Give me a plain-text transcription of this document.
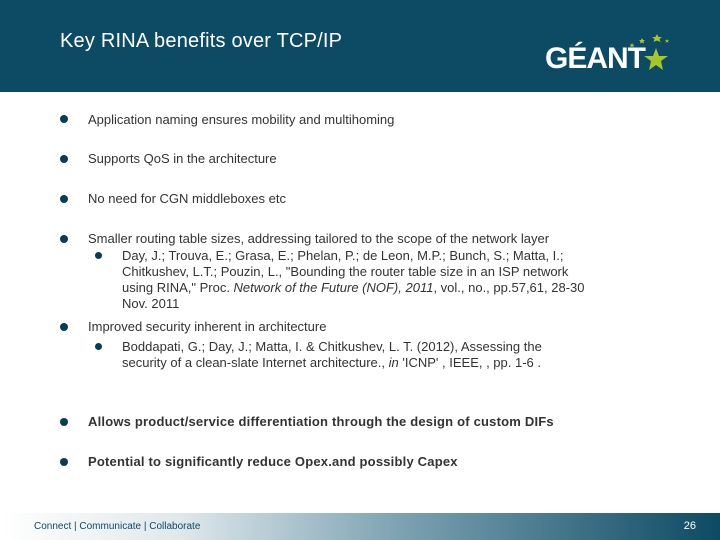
Key RINA benefits over TCP/IP
GÉANT
Application naming ensures mobility and multihoming
Supports QoS in the architecture
No need for CGN middleboxes etc
Smaller routing table sizes, addressing tailored to the scope of the network layer
Day, J.; Trouva, E.; Grasa, E.; Phelan, P.; de Leon, M.P.; Bunch, S.; Matta, I.;
Chitkushev, L.T.; Pouzin, L., "Bounding the router table size in an ISP network
using RINA," Proc. Network of the Future (NOF), 2011, vol., no., pp.57,61, 28-30
Nov. 2011
Improved security inherent in architecture
Boddapati, G.; Day, J.; Matta, I. & Chitkushev, L. T. (2012), Assessing the
security of a clean-slate Internet architecture., in 'ICNP' , IEEE, , pp. 1-6 .
Allows product/service differentiation through the design of custom DIFs
Potential to significantly reduce Opex.and possibly Capex
Connect | Communicate | Collaborate	26
